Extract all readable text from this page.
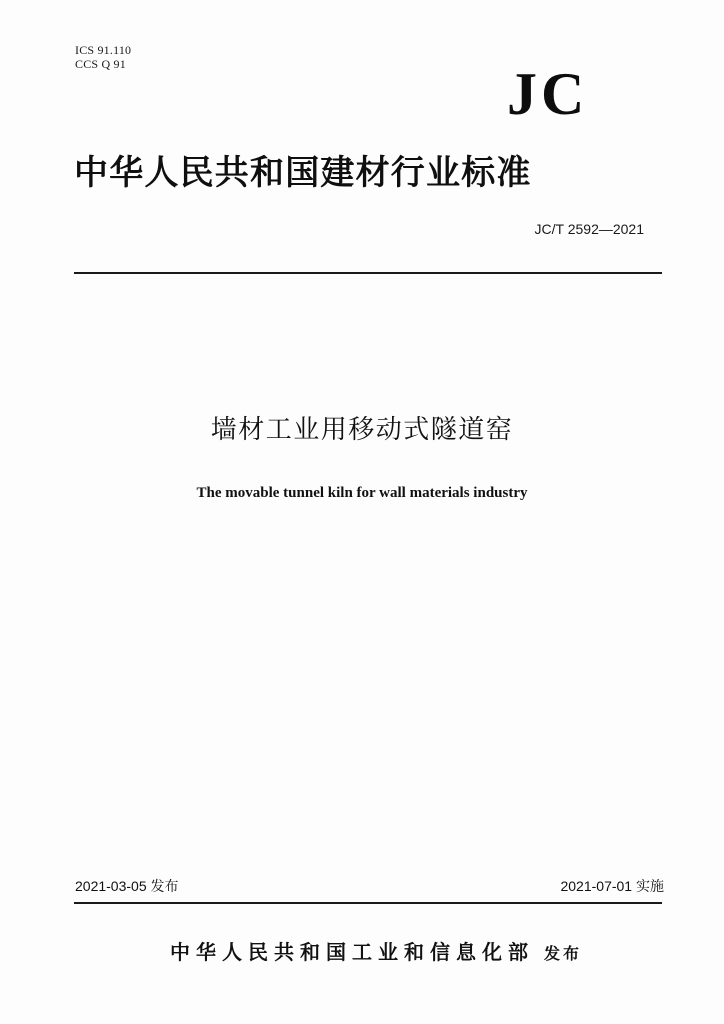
ICS 91.110
CCS Q 91	JC
中华人民共和国建材行业标准
JC/T 2592—2021
墙材工业用移动式隧道窑
The movable tunnel kiln for wall materials industry
2021-03-05 发布	2021-07-01 实施
中华人民共和国工业和信息化部 发布
